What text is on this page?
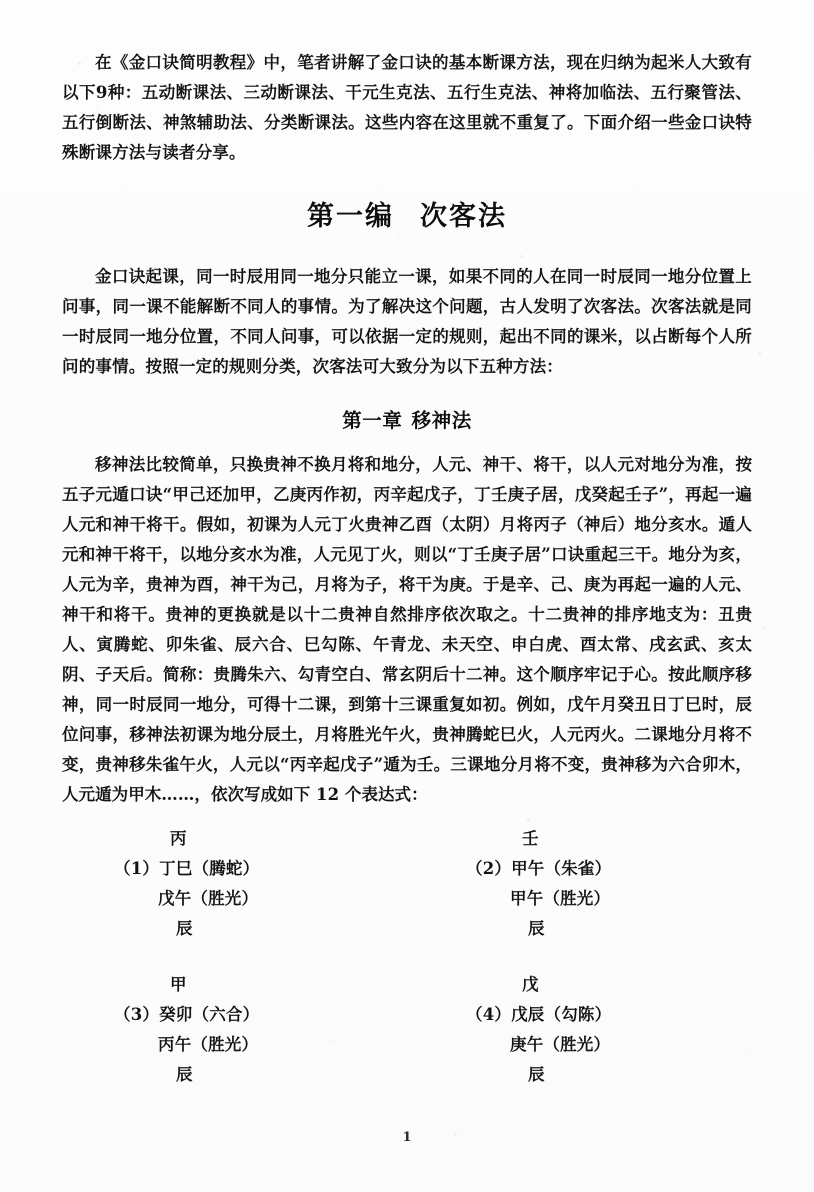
在《金口诀简明教程》中，笔者讲解了金口诀的基本断课方法，现在归纳为起米人大致有以下9种：五动断课法、三动断课法、干元生克法、五行生克法、神将加临法、五行聚管法、五行倒断法、神煞辅助法、分类断课法。这些内容在这里就不重复了。下面介绍一些金口诀特殊断课方法与读者分享。

第一编 次客法

金口诀起课，同一时辰用同一地分只能立一课，如果不同的人在同一时辰同一地分位置上问事，同一课不能解断不同人的事情。为了解决这个问题，古人发明了次客法。次客法就是同一时辰同一地分位置，不同人问事，可以依据一定的规则，起出不同的课米，以占断每个人所问的事情。按照一定的规则分类，次客法可大致分为以下五种方法：

第一章 移神法

移神法比较简单，只换贵神不换月将和地分，人元、神干、将干，以人元对地分为准，按五子元遁口诀“甲己还加甲，乙庚丙作初，丙辛起戊子，丁壬庚子居，戊癸起壬子”，再起一遍人元和神干将干。假如，初课为人元丁火贵神乙酉（太阴）月将丙子（神后）地分亥水。遁人元和神干将干，以地分亥水为准，人元见丁火，则以“丁壬庚子居”口诀重起三干。地分为亥，人元为辛，贵神为酉，神干为己，月将为子，将干为庚。于是辛、己、庚为再起一遍的人元、神干和将干。贵神的更换就是以十二贵神自然排序依次取之。十二贵神的排序地支为：丑贵人、寅腾蛇、卯朱雀、辰六合、巳勾陈、午青龙、未天空、申白虎、酉太常、戌玄武、亥太阴、子天后。简称：贵腾朱六、勾青空白、常玄阴后十二神。这个顺序牢记于心。按此顺序移神，同一时辰同一地分，可得十二课，到第十三课重复如初。例如，戊午月癸丑日丁巳时，辰位问事，移神法初课为地分辰土，月将胜光午火，贵神腾蛇巳火，人元丙火。二课地分月将不变，贵神移朱雀午火，人元以“丙辛起戊子”遁为壬。三课地分月将不变，贵神移为六合卯木，人元遁为甲木……，依次写成如下 12 个表达式：

丙
（1）丁巳（腾蛇）
戊午（胜光）
辰
壬
（2）甲午（朱雀）
甲午（胜光）
辰
甲
（3）癸卯（六合）
丙午（胜光）
辰
戊
（4）戊辰（勾陈）
庚午（胜光）
辰
1
